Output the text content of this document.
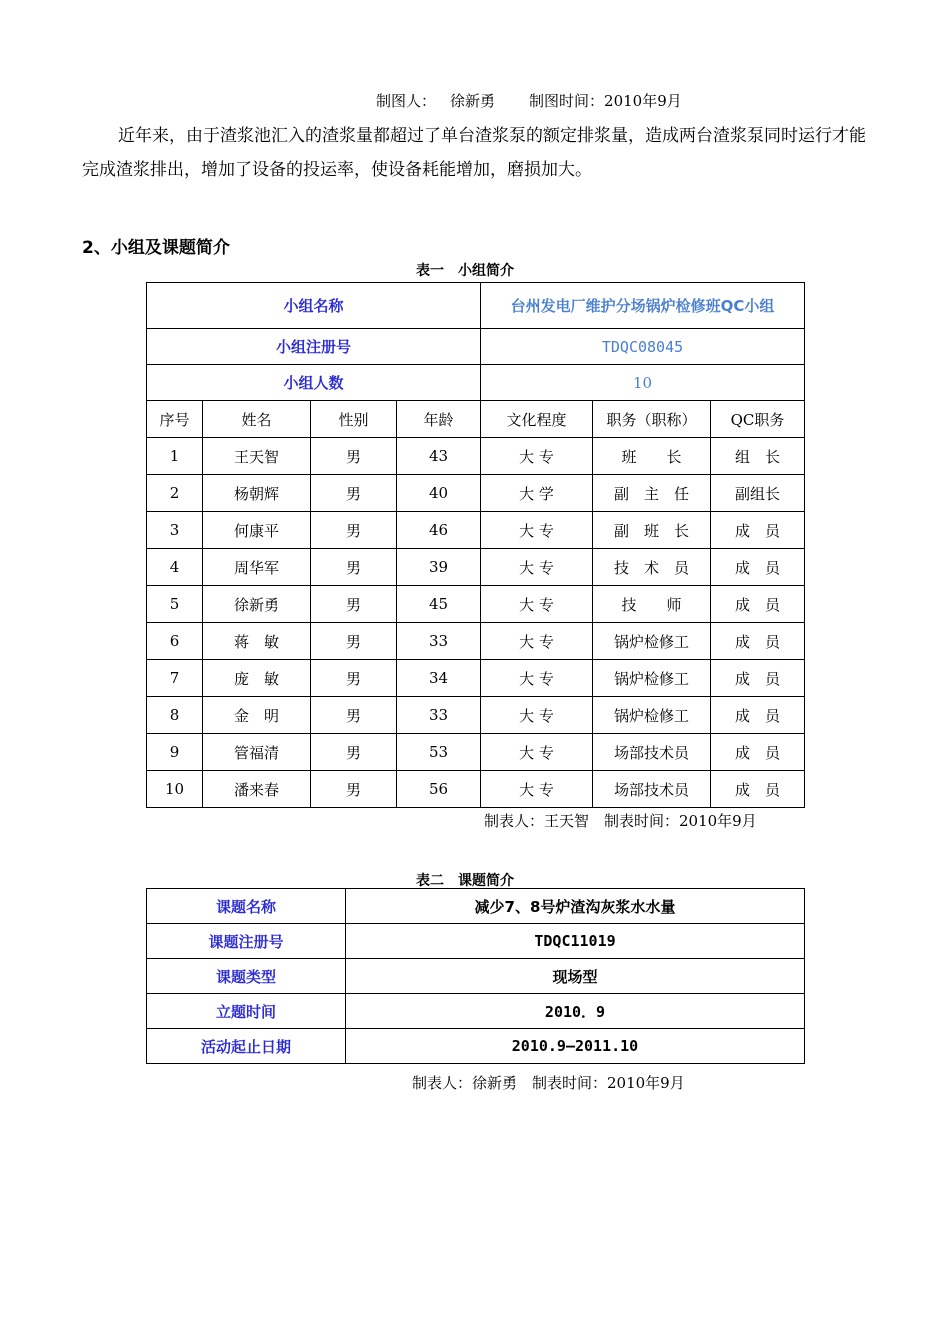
制图人： 徐新勇 制图时间：2010年9月
近年来，由于渣浆池汇入的渣浆量都超过了单台渣浆泵的额定排浆量，造成两台渣浆泵同时运行才能完成渣浆排出，增加了设备的投运率，使设备耗能增加，磨损加大。
2、小组及课题简介
表一　小组简介
小组名称				台州发电厂维护分场锅炉检修班QC小组		
小组注册号				TDQC08045		
小组人数				10		
序号	姓名	性别	年龄	文化程度	职务（职称）	QC职务
1	王天智	男	43	大 专	班　　长	组　长
2	杨朝辉	男	40	大 学	副　主　任	副组长
3	何康平	男	46	大 专	副　班　长	成　员
4	周华军	男	39	大 专	技　术　员	成　员
5	徐新勇	男	45	大 专	技　　师	成　员
6	蒋　敏	男	33	大 专	锅炉检修工	成　员
7	庞　敏	男	34	大 专	锅炉检修工	成　员
8	金　明	男	33	大 专	锅炉检修工	成　员
9	管福清	男	53	大 专	场部技术员	成　员
10	潘来春	男	56	大 专	场部技术员	成　员
制表人：王天智　制表时间：2010年9月
表二　课题简介
课题名称	减少7、8号炉渣沟灰浆水水量
课题注册号	TDQC11019
课题类型	现场型
立题时间	2010．9
活动起止日期	2010.9—2011.10
制表人：徐新勇　制表时间：2010年9月
